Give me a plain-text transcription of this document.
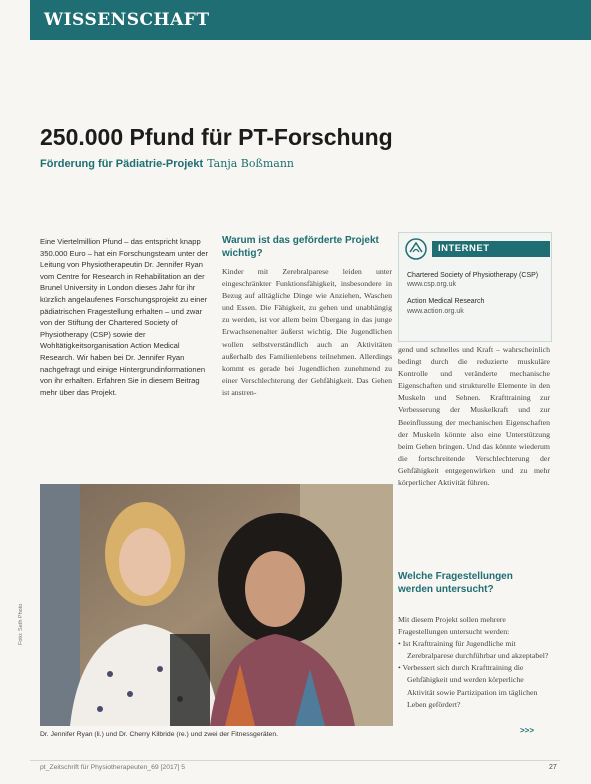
WISSENSCHAFT
250.000 Pfund für PT-Forschung
Förderung für Pädiatrie-Projekt Tanja Boßmann

Eine Viertelmillion Pfund – das entspricht knapp 350.000 Euro – hat ein Forschungsteam unter der Leitung von Physiotherapeutin Dr. Jennifer Ryan vom Centre for Research in Rehabilitation an der Brunel University in London dieses Jahr für ihr kürzlich angelaufenes Forschungsprojekt zu einer pädiatrischen Fragestellung erhalten – und zwar von der Stiftung der Chartered Society of Physiotherapy (CSP) sowie der Wohltätigkeitsorganisation Action Medical Research. Wir haben bei Dr. Jennifer Ryan nachgefragt und einige Hintergrundinformationen von ihr erhalten. Erfahren Sie in diesem Beitrag mehr über das Projekt.

Warum ist das geförderte Projekt wichtig?

Kinder mit Zerebralparese leiden unter eingeschränkter Funktionsfähigkeit, insbesondere in Bezug auf alltägliche Dinge wie Anziehen, Waschen und Essen. Die Fähigkeit, zu gehen und unabhängig zu werden, ist vor allem beim Übergang in das junge Erwachsenenalter äußerst wichtig. Die Jugendlichen wollen selbstverständlich auch an Aktivitäten außerhalb des Familienlebens teilnehmen. Allerdings kommt es gerade bei Jugendlichen zunehmend zu einer Verschlechterung der Gehfähigkeit. Das Gehen ist anstren-

Chartered Society of Physiotherapy (CSP)
www.csp.org.uk
Action Medical Research
www.action.org.uk
INTERNET

gend und schnelles und Kraft – wahrscheinlich bedingt durch die reduzierte muskuläre Kontrolle und veränderte mechanische Eigenschaften und strukturelle Elemente in den Muskeln und Sehnen. Krafttraining zur Verbesserung der Muskelkraft und zur Beeinflussung der mechanischen Eigenschaften der Muskeln könnte also eine Unterstützung beim Gehen bringen. Und das könnte wiederum die fortschreitende Verschlechterung der Gehfähigkeit entgegenwirken und zu mehr körperlicher Aktivität führen.

Welche Fragestellungen werden untersucht?

Mit diesem Projekt sollen mehrere Fragestellungen untersucht werden:

• Ist Krafttraining für Jugendliche mit Zerebralparese durchführbar und akzeptabel?

• Verbessert sich durch Krafttraining die Gehfähigkeit und werden körperliche Aktivität sowie Partizipation im täglichen Leben gefördert?

>>>
Foto: Seth Photo
Dr. Jennifer Ryan (li.) und Dr. Cherry Kilbride (re.) und zwei der Fitnessgeräten.
pt_Zeitschrift für Physiotherapeuten_69 [2017] 5	27
